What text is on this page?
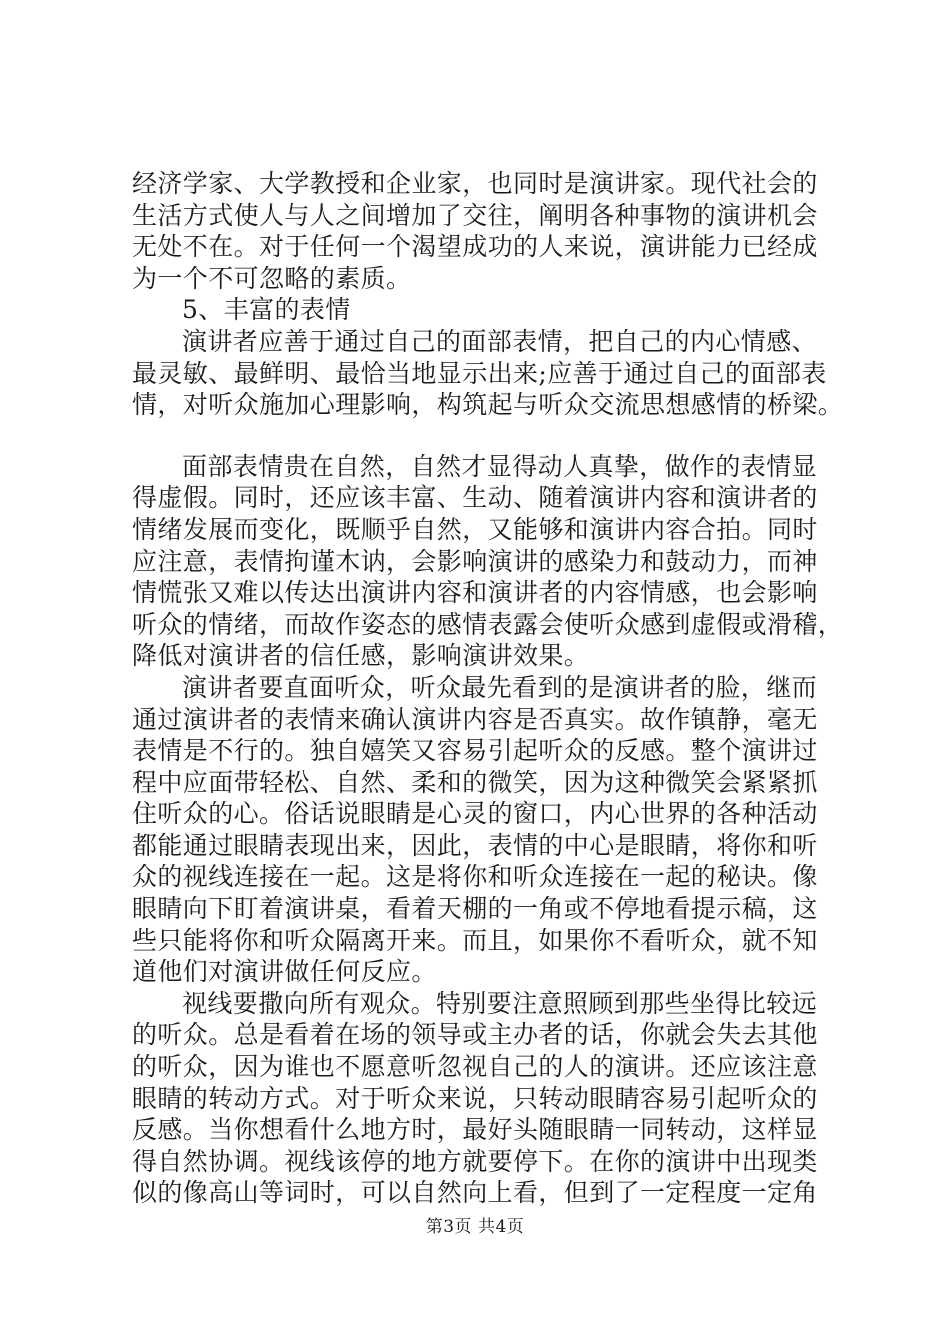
经济学家、大学教授和企业家，也同时是演讲家。现代社会的
生活方式使人与人之间增加了交往，阐明各种事物的演讲机会
无处不在。对于任何一个渴望成功的人来说，演讲能力已经成
为一个不可忽略的素质。
5、丰富的表情
演讲者应善于通过自己的面部表情，把自己的内心情感、
最灵敏、最鲜明、最恰当地显示出来;应善于通过自己的面部表
情，对听众施加心理影响，构筑起与听众交流思想感情的桥梁。
面部表情贵在自然，自然才显得动人真挚，做作的表情显
得虚假。同时，还应该丰富、生动、随着演讲内容和演讲者的
情绪发展而变化，既顺乎自然，又能够和演讲内容合拍。同时
应注意，表情拘谨木讷，会影响演讲的感染力和鼓动力，而神
情慌张又难以传达出演讲内容和演讲者的内容情感，也会影响
听众的情绪，而故作姿态的感情表露会使听众感到虚假或滑稽，
降低对演讲者的信任感，影响演讲效果。
演讲者要直面听众，听众最先看到的是演讲者的脸，继而
通过演讲者的表情来确认演讲内容是否真实。故作镇静，毫无
表情是不行的。独自嬉笑又容易引起听众的反感。整个演讲过
程中应面带轻松、自然、柔和的微笑，因为这种微笑会紧紧抓
住听众的心。俗话说眼睛是心灵的窗口，内心世界的各种活动
都能通过眼睛表现出来，因此，表情的中心是眼睛，将你和听
众的视线连接在一起。这是将你和听众连接在一起的秘诀。像
眼睛向下盯着演讲桌，看着天棚的一角或不停地看提示稿，这
些只能将你和听众隔离开来。而且，如果你不看听众，就不知
道他们对演讲做任何反应。
视线要撒向所有观众。特别要注意照顾到那些坐得比较远
的听众。总是看着在场的领导或主办者的话，你就会失去其他
的听众，因为谁也不愿意听忽视自己的人的演讲。还应该注意
眼睛的转动方式。对于听众来说，只转动眼睛容易引起听众的
反感。当你想看什么地方时，最好头随眼睛一同转动，这样显
得自然协调。视线该停的地方就要停下。在你的演讲中出现类
似的像高山等词时，可以自然向上看，但到了一定程度一定角
第3页 共4页
